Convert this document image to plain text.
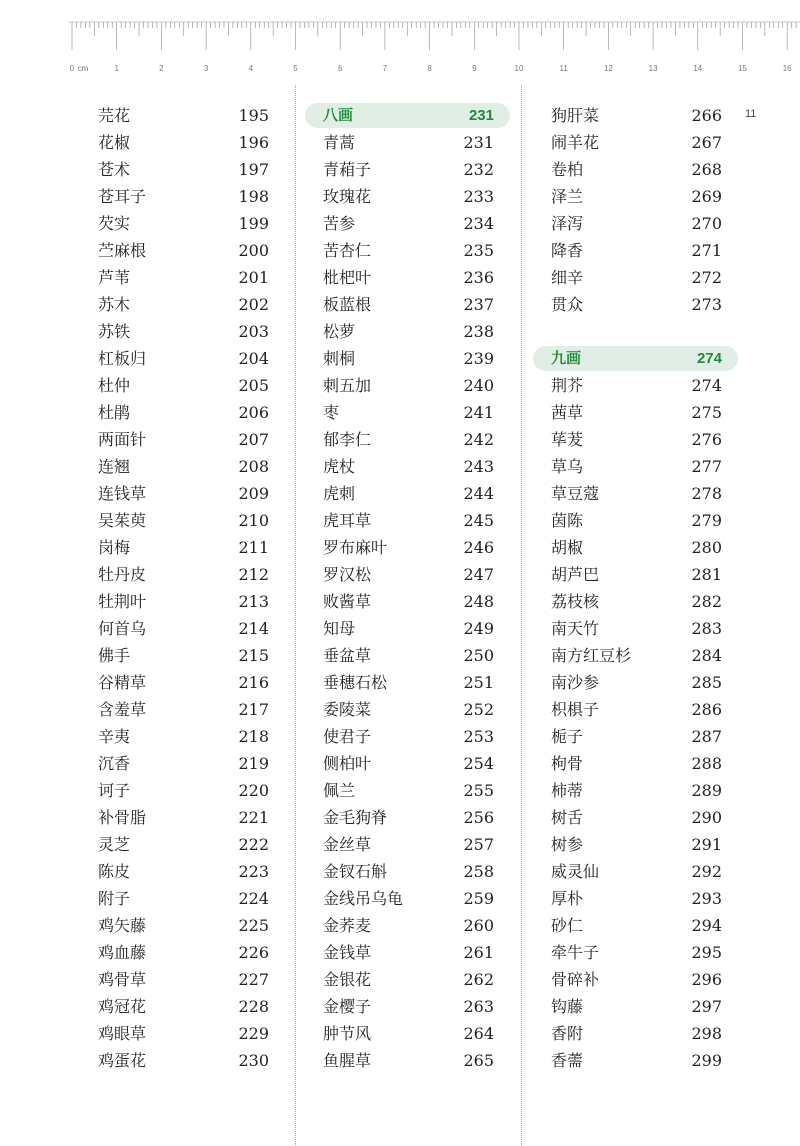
0 cm	1	2	3	4	5	6	7	8	9	10	11	12	13	14	15	16
11
芫花	195
花椒	196
苍术	197
苍耳子	198
芡实	199
苎麻根	200
芦苇	201
苏木	202
苏铁	203
杠板归	204
杜仲	205
杜鹃	206
两面针	207
连翘	208
连钱草	209
吴茱萸	210
岗梅	211
牡丹皮	212
牡荆叶	213
何首乌	214
佛手	215
谷精草	216
含羞草	217
辛夷	218
沉香	219
诃子	220
补骨脂	221
灵芝	222
陈皮	223
附子	224
鸡矢藤	225
鸡血藤	226
鸡骨草	227
鸡冠花	228
鸡眼草	229
鸡蛋花	230
八画	231
青蒿	231
青葙子	232
玫瑰花	233
苦参	234
苦杏仁	235
枇杷叶	236
板蓝根	237
松萝	238
刺桐	239
刺五加	240
枣	241
郁李仁	242
虎杖	243
虎刺	244
虎耳草	245
罗布麻叶	246
罗汉松	247
败酱草	248
知母	249
垂盆草	250
垂穗石松	251
委陵菜	252
使君子	253
侧柏叶	254
佩兰	255
金毛狗脊	256
金丝草	257
金钗石斛	258
金线吊乌龟	259
金荞麦	260
金钱草	261
金银花	262
金樱子	263
肿节风	264
鱼腥草	265
狗肝菜	266
闹羊花	267
卷柏	268
泽兰	269
泽泻	270
降香	271
细辛	272
贯众	273
九画	274
荆芥	274
茜草	275
荜茇	276
草乌	277
草豆蔻	278
茵陈	279
胡椒	280
胡芦巴	281
荔枝核	282
南天竹	283
南方红豆杉	284
南沙参	285
枳椇子	286
栀子	287
枸骨	288
柿蒂	289
树舌	290
树参	291
威灵仙	292
厚朴	293
砂仁	294
牵牛子	295
骨碎补	296
钩藤	297
香附	298
香薷	299
